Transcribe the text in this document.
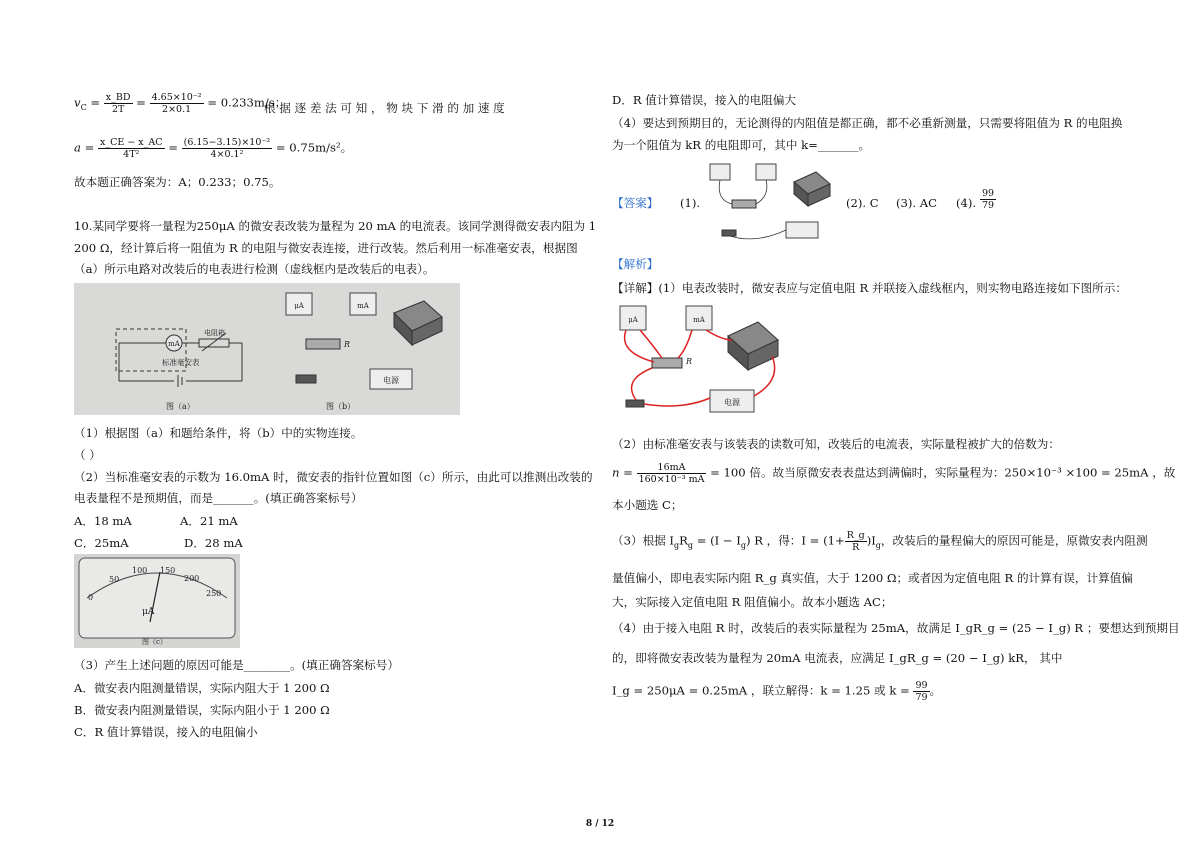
$v_C = \frac{x\_BD}{2T} = \frac{\text{4.65×10⁻²}}{2\times 0.1} = 0.233m/s$；
根 据 逐 差 法 可 知 ， 物 块 下 滑 的 加 速 度
$a = \frac{x\_CE - x\_AC}{\text{4T²}} = \frac{\text{(6.15−3.15)×10⁻²}}{\text{4×0.1²}} = 0.75m/s^2$。
故本题正确答案为：A；0.233；0.75。
10.某同学要将一量程为250μA 的微安表改装为量程为 20 mA 的电流表。该同学测得微安表内阻为 1
200 Ω，经计算后将一阻值为 R 的电阻与微安表连接，进行改装。然后利用一标准毫安表，根据图
（a）所示电路对改装后的电表进行检测（虚线框内是改装后的电表）。
mA
电阻箱
标准毫安表
图（a）
μA	mA
R
电源
图（b）
（1）根据图（a）和题给条件，将（b）中的实物连接。
（ ）
（2）当标准毫安表的示数为 16.0mA 时，微安表的指针位置如图（c）所示，由此可以推测出改装的
电表量程不是预期值，而是_______。(填正确答案标号）
A．18 mA	A．21 mA
C．25mA	D．28 mA
0
50
100 150
200
250
μA
图（c）
（3）产生上述问题的原因可能是________。(填正确答案标号）
A．微安表内阻测量错误，实际内阻大于 1 200 Ω
B．微安表内阻测量错误，实际内阻小于 1 200 Ω
C．R 值计算错误，接入的电阻偏小
D．R 值计算错误，接入的电阻偏大
（4）要达到预期目的，无论测得的内阻值是都正确，都不必重新测量，只需要将阻值为 R 的电阻换
为一个阻值为 kR 的电阻即可，其中 k=_______。
【答案】 (1).	(2). C (3). AC (4). $\frac{99}{79}$
【解析】
【详解】(1）电表改装时，微安表应与定值电阻 R 并联接入虚线框内，则实物电路连接如下图所示：
μA	mA
R
电源
（2）由标准毫安表与该装表的读数可知，改装后的电流表，实际量程被扩大的倍数为：
$n = \frac{16mA}{\text{160×10⁻³ mA}} = 100$ 倍。故当原微安表表盘达到满偏时，实际量程为：250×10⁻³ ×100 = 25mA ，故
本小题选 C；
（3）根据 $I_gR_g = (I - I_g)$ R ，得：$I = (1+ \frac{R\_g}{R} )I_g$，改装后的量程偏大的原因可能是，原微安表内阻测
量值偏小，即电表实际内阻 R_g 真实值，大于 1200 Ω；或者因为定值电阻 R 的计算有误，计算值偏
大，实际接入定值电阻 R 阻值偏小。故本小题选 AC；
（4）由于接入电阻 R 时，改装后的表实际量程为 25mA，故满足 I_gR_g = (25 − I_g) R ；要想达到预期目
的，即将微安表改装为量程为 20mA 电流表，应满足 I_gR_g = (20 − I_g) kR， 其中
I_g = 250μA = 0.25mA ，联立解得：k = 1.25 或 $k = \frac{99}{79}$ 。
8 / 12
